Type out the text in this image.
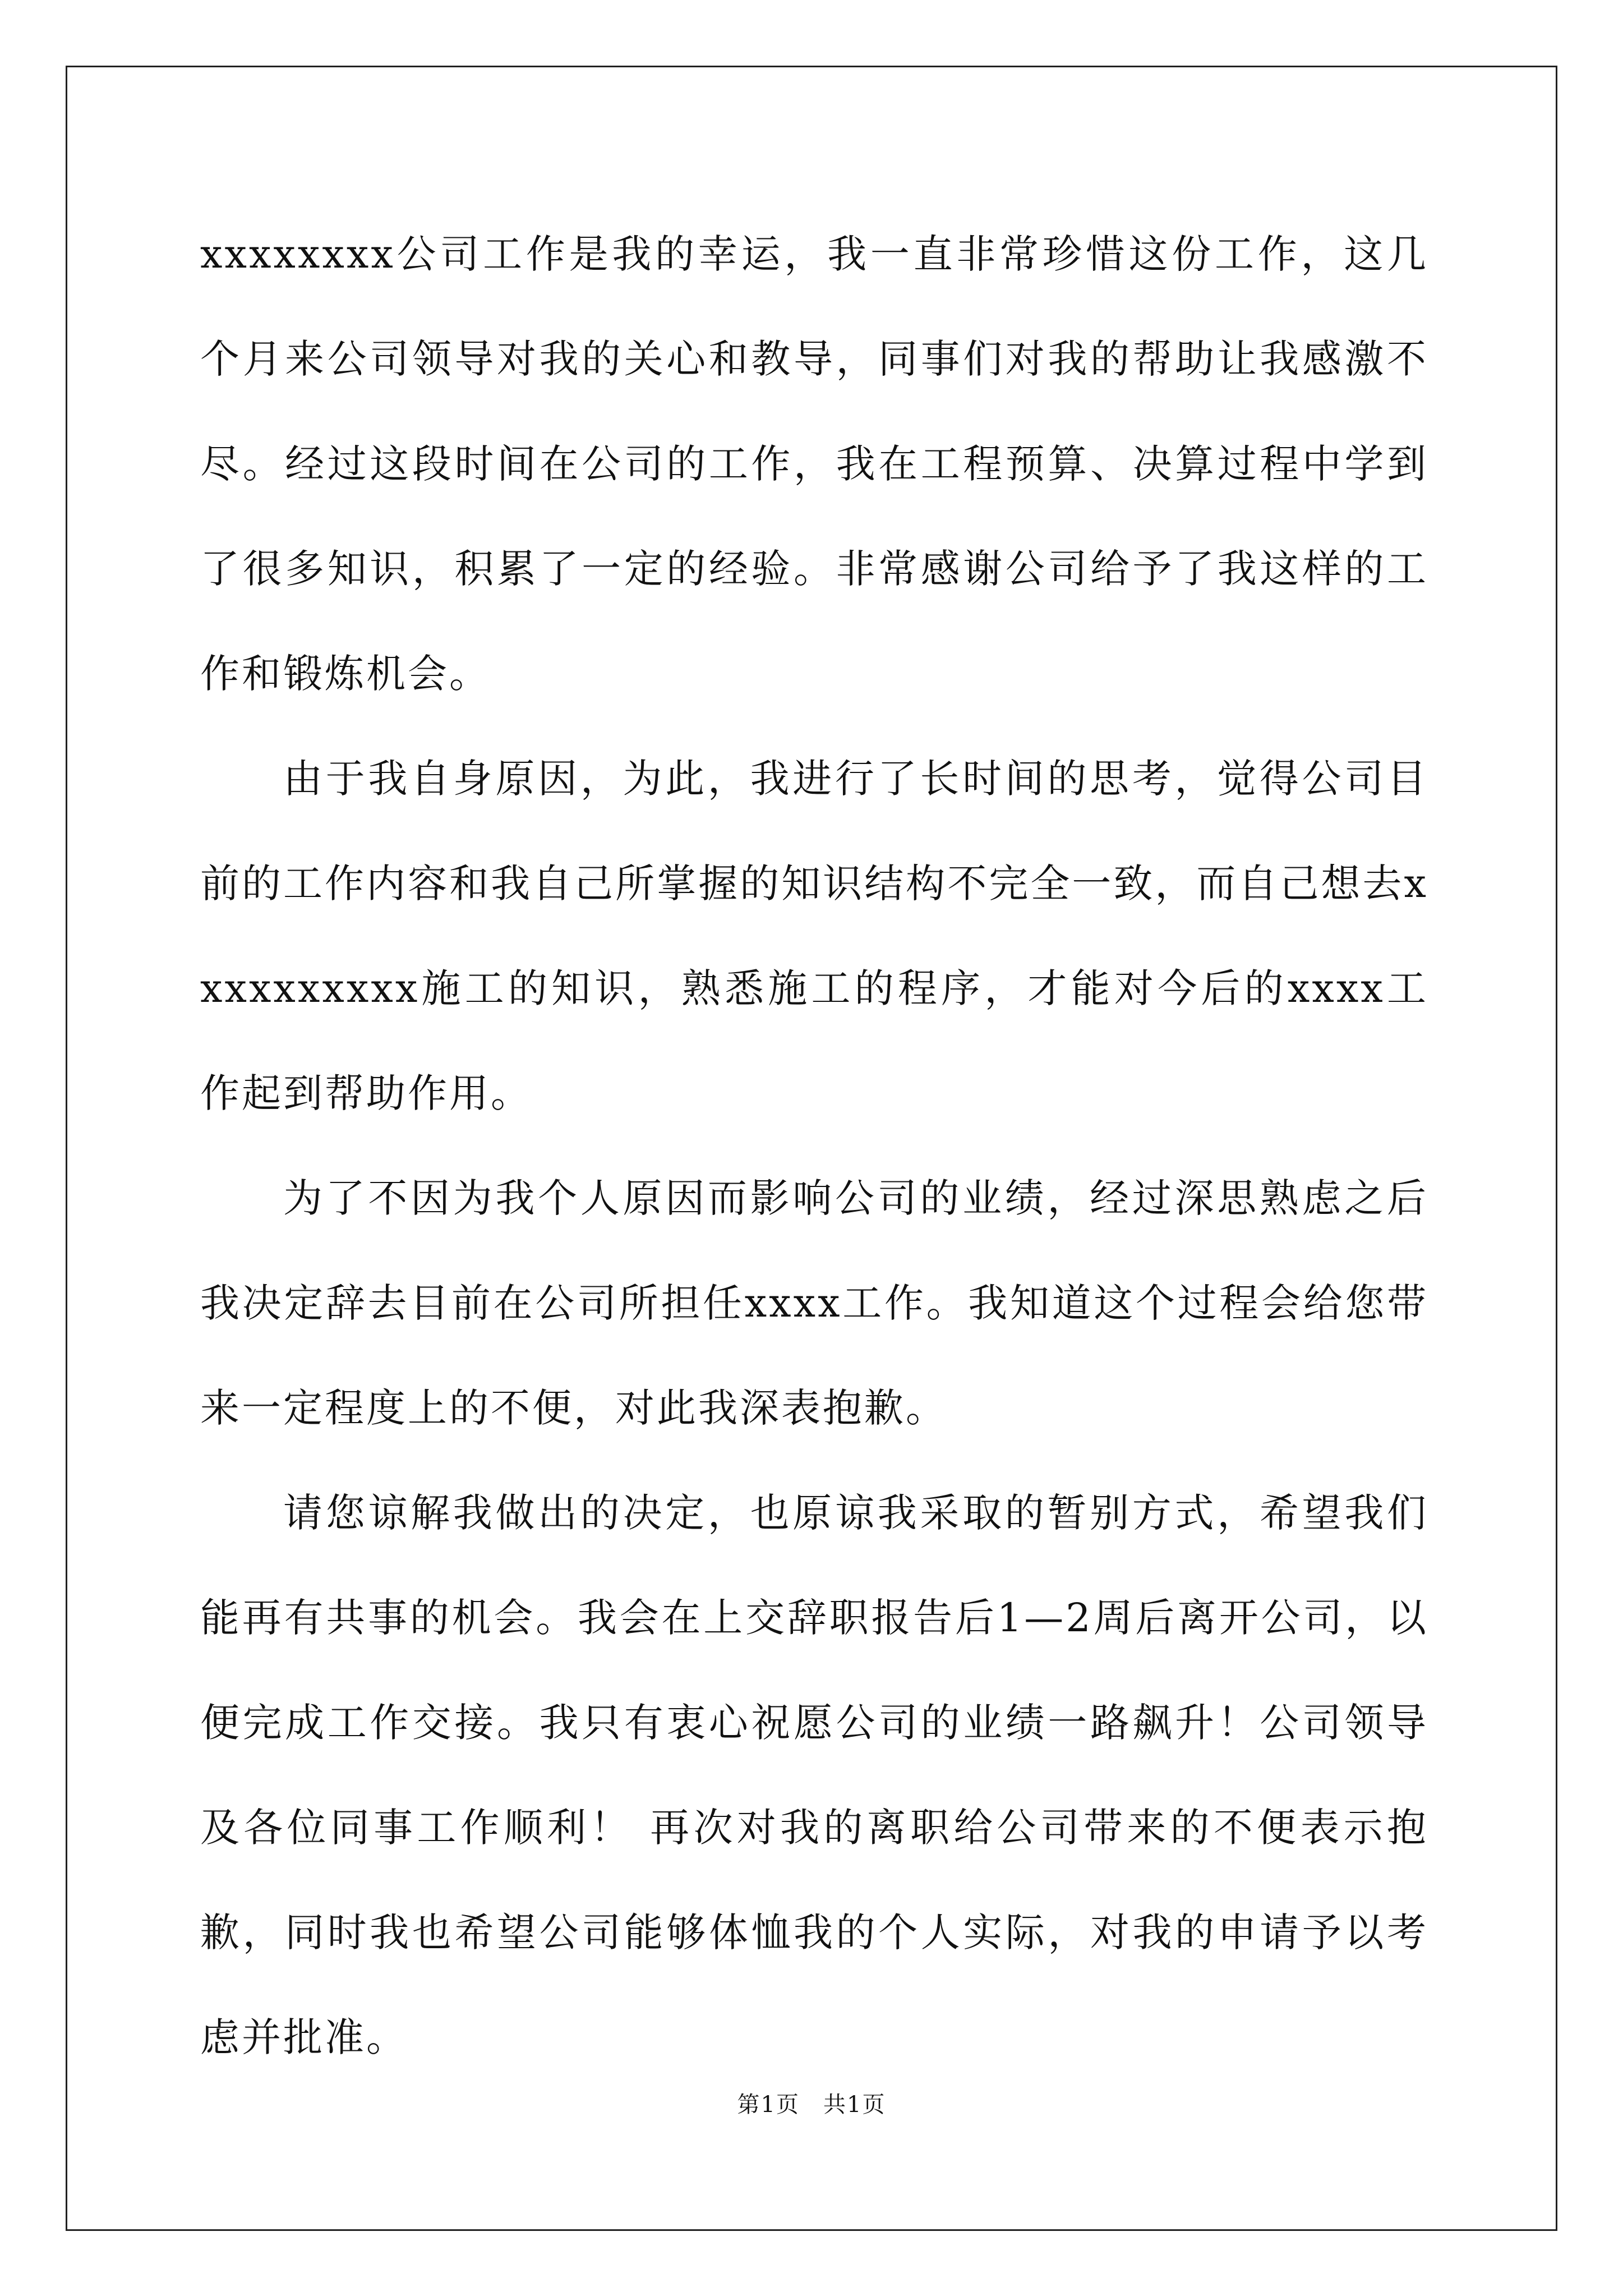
xxxxxxxx公司工作是我的幸运，我一直非常珍惜这份工作，这几个月来公司领导对我的关心和教导，同事们对我的帮助让我感激不尽。经过这段时间在公司的工作，我在工程预算、决算过程中学到了很多知识，积累了一定的经验。非常感谢公司给予了我这样的工作和锻炼机会。

由于我自身原因，为此，我进行了长时间的思考，觉得公司目前的工作内容和我自己所掌握的知识结构不完全一致，而自己想去xxxxxxxxxx施工的知识，熟悉施工的程序，才能对今后的xxxx工作起到帮助作用。

为了不因为我个人原因而影响公司的业绩，经过深思熟虑之后我决定辞去目前在公司所担任xxxx工作。我知道这个过程会给您带来一定程度上的不便，对此我深表抱歉。

请您谅解我做出的决定，也原谅我采取的暂别方式，希望我们能再有共事的机会。我会在上交辞职报告后1—2周后离开公司，以便完成工作交接。我只有衷心祝愿公司的业绩一路飙升！公司领导及各位同事工作顺利！ 再次对我的离职给公司带来的不便表示抱歉，同时我也希望公司能够体恤我的个人实际，对我的申请予以考虑并批准。

第1页　共1页
